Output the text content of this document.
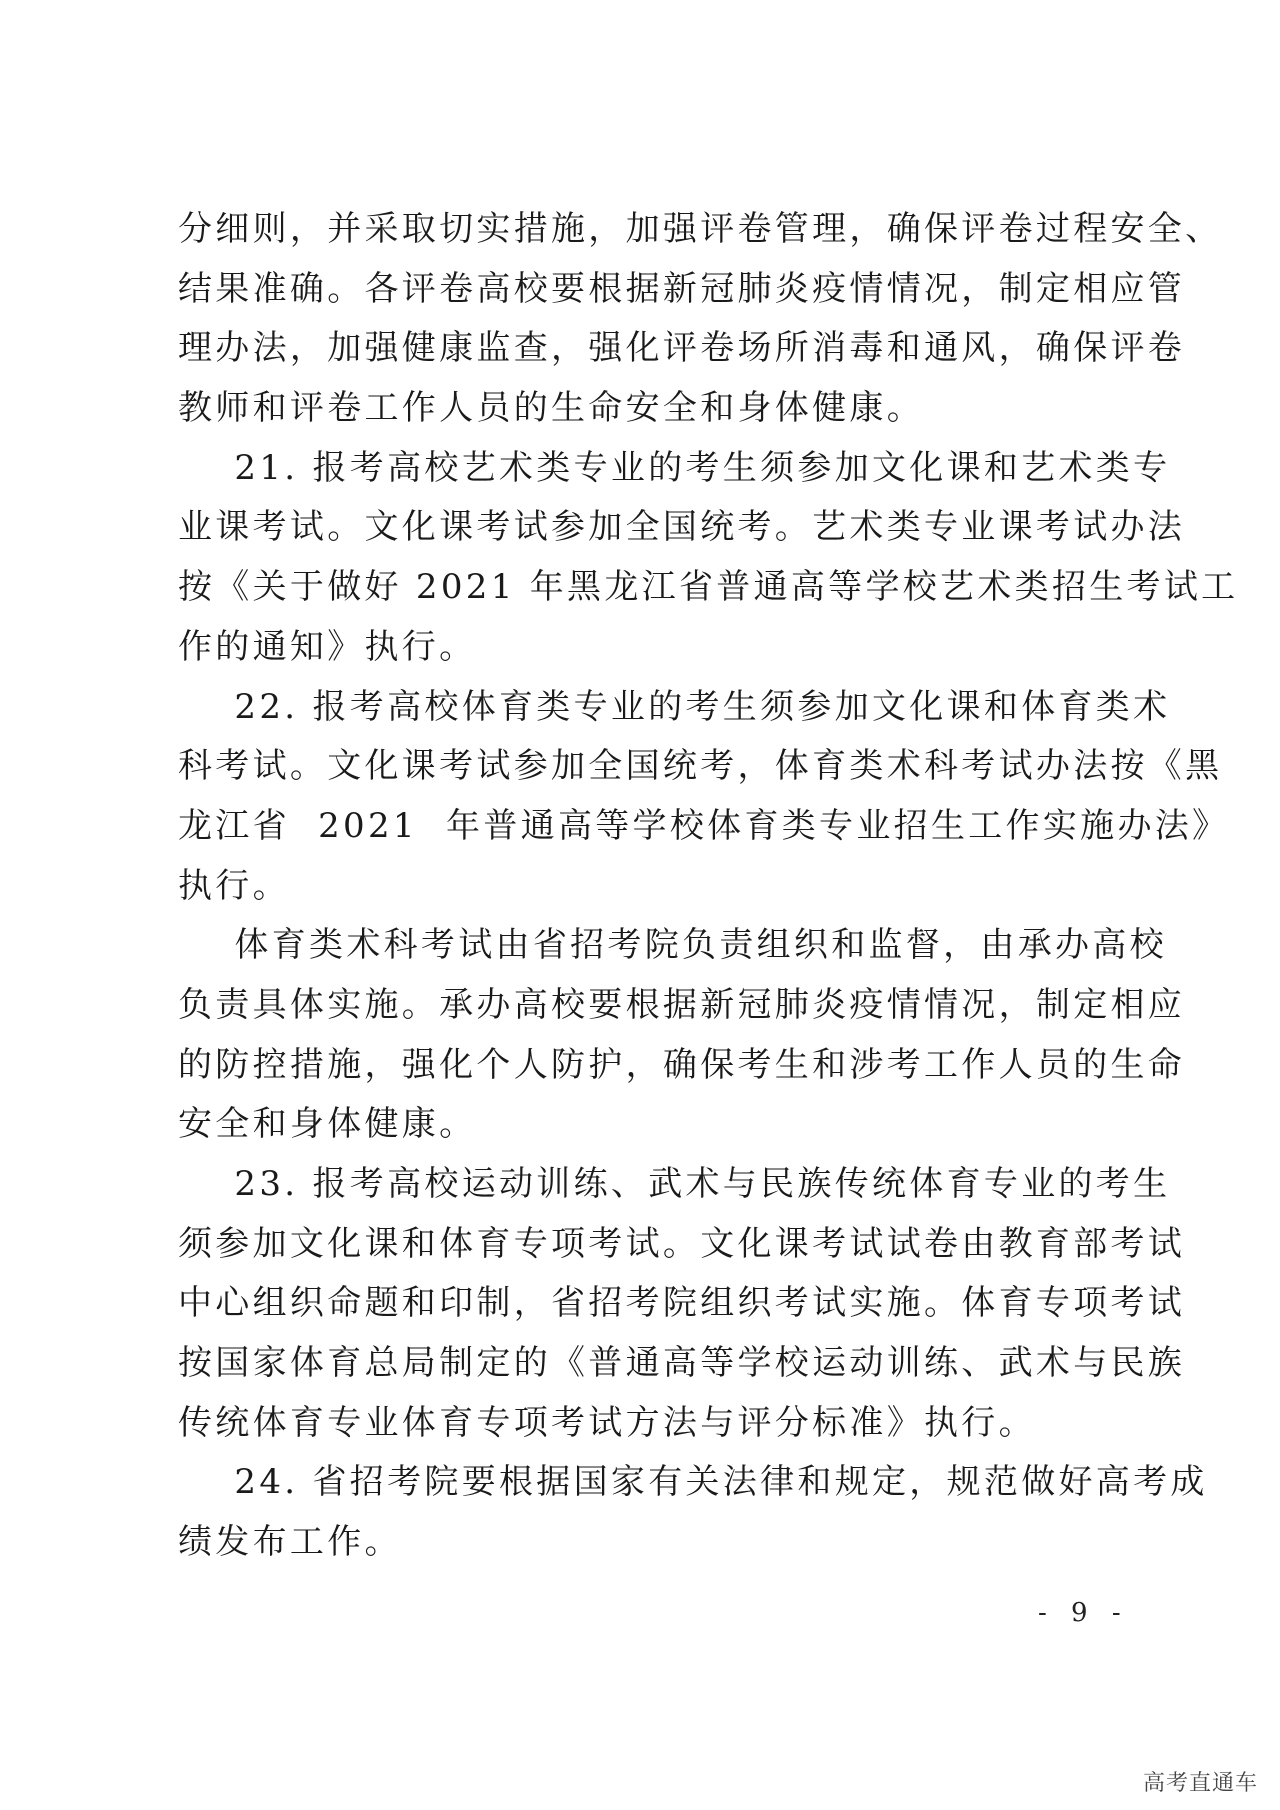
分细则，并采取切实措施，加强评卷管理，确保评卷过程安全、
结果准确。各评卷高校要根据新冠肺炎疫情情况，制定相应管
理办法，加强健康监查，强化评卷场所消毒和通风，确保评卷
教师和评卷工作人员的生命安全和身体健康。
21. 报考高校艺术类专业的考生须参加文化课和艺术类专
业课考试。文化课考试参加全国统考。艺术类专业课考试办法
按《关于做好 2021 年黑龙江省普通高等学校艺术类招生考试工
作的通知》执行。
22. 报考高校体育类专业的考生须参加文化课和体育类术
科考试。文化课考试参加全国统考，体育类术科考试办法按《黑
龙江省  2021  年普通高等学校体育类专业招生工作实施办法》
执行。
体育类术科考试由省招考院负责组织和监督，由承办高校
负责具体实施。承办高校要根据新冠肺炎疫情情况，制定相应
的防控措施，强化个人防护，确保考生和涉考工作人员的生命
安全和身体健康。
23. 报考高校运动训练、武术与民族传统体育专业的考生
须参加文化课和体育专项考试。文化课考试试卷由教育部考试
中心组织命题和印制，省招考院组织考试实施。体育专项考试
按国家体育总局制定的《普通高等学校运动训练、武术与民族
传统体育专业体育专项考试方法与评分标准》执行。
24. 省招考院要根据国家有关法律和规定，规范做好高考成
绩发布工作。
- 9 -
高考直通车
